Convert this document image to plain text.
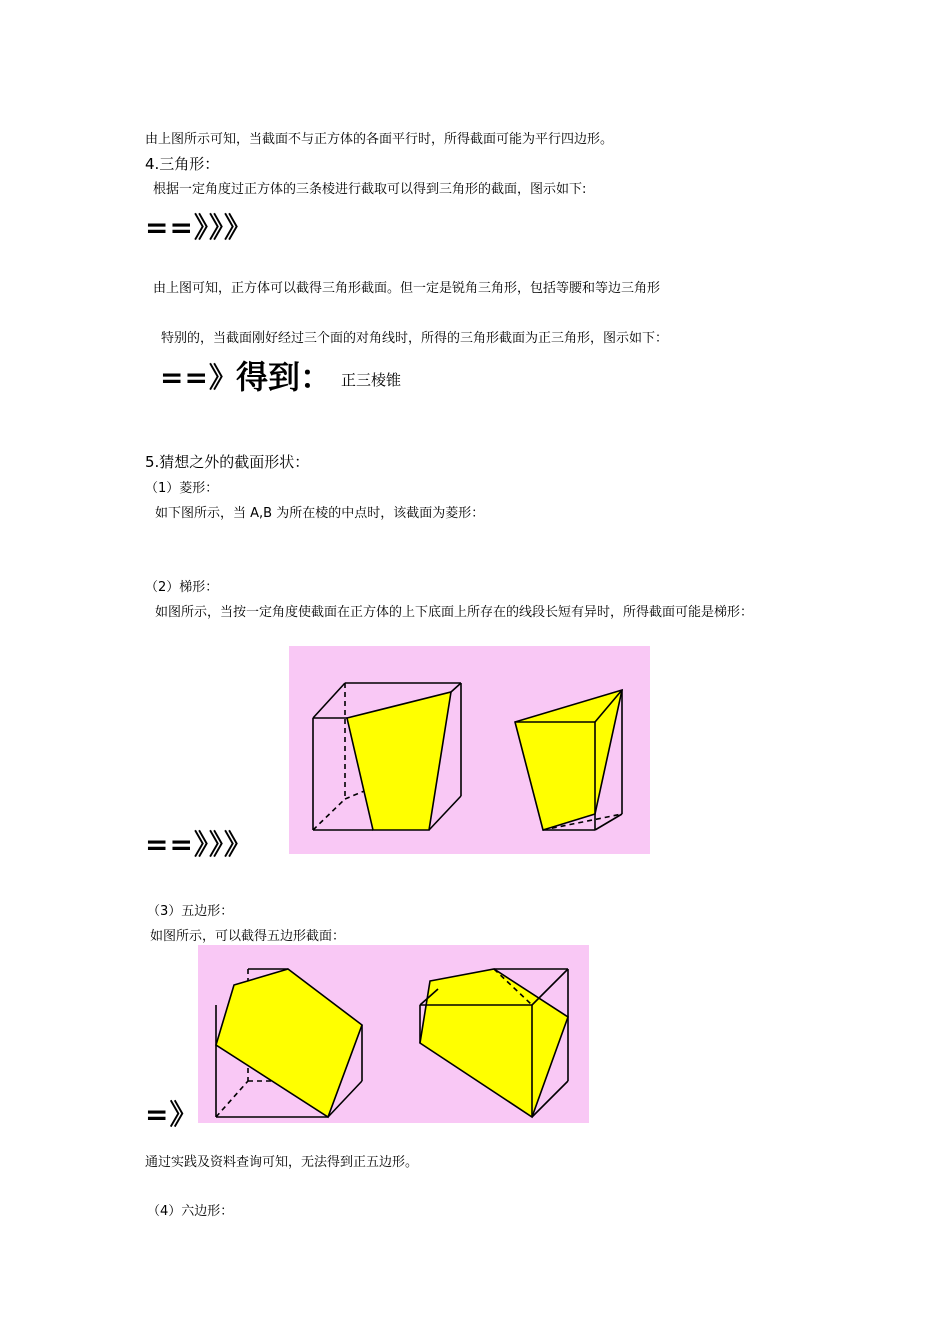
由上图所示可知，当截面不与正方体的各面平行时，所得截面可能为平行四边形。
4.三角形：
根据一定角度过正方体的三条棱进行截取可以得到三角形的截面，图示如下:
==》》》
由上图可知，正方体可以截得三角形截面。但一定是锐角三角形，包括等腰和等边三角形
特别的，当截面刚好经过三个面的对角线时，所得的三角形截面为正三角形，图示如下：
==》
得到： 正三棱锥
5.猜想之外的截面形状：
（1）菱形：
如下图所示，当 A,B 为所在棱的中点时，该截面为菱形：
（2）梯形：
如图所示，当按一定角度使截面在正方体的上下底面上所存在的线段长短有异时，所得截面可能是梯形：
==》》》
（3）五边形：
如图所示，可以截得五边形截面：
=》
通过实践及资料查询可知，无法得到正五边形。
（4）六边形：
